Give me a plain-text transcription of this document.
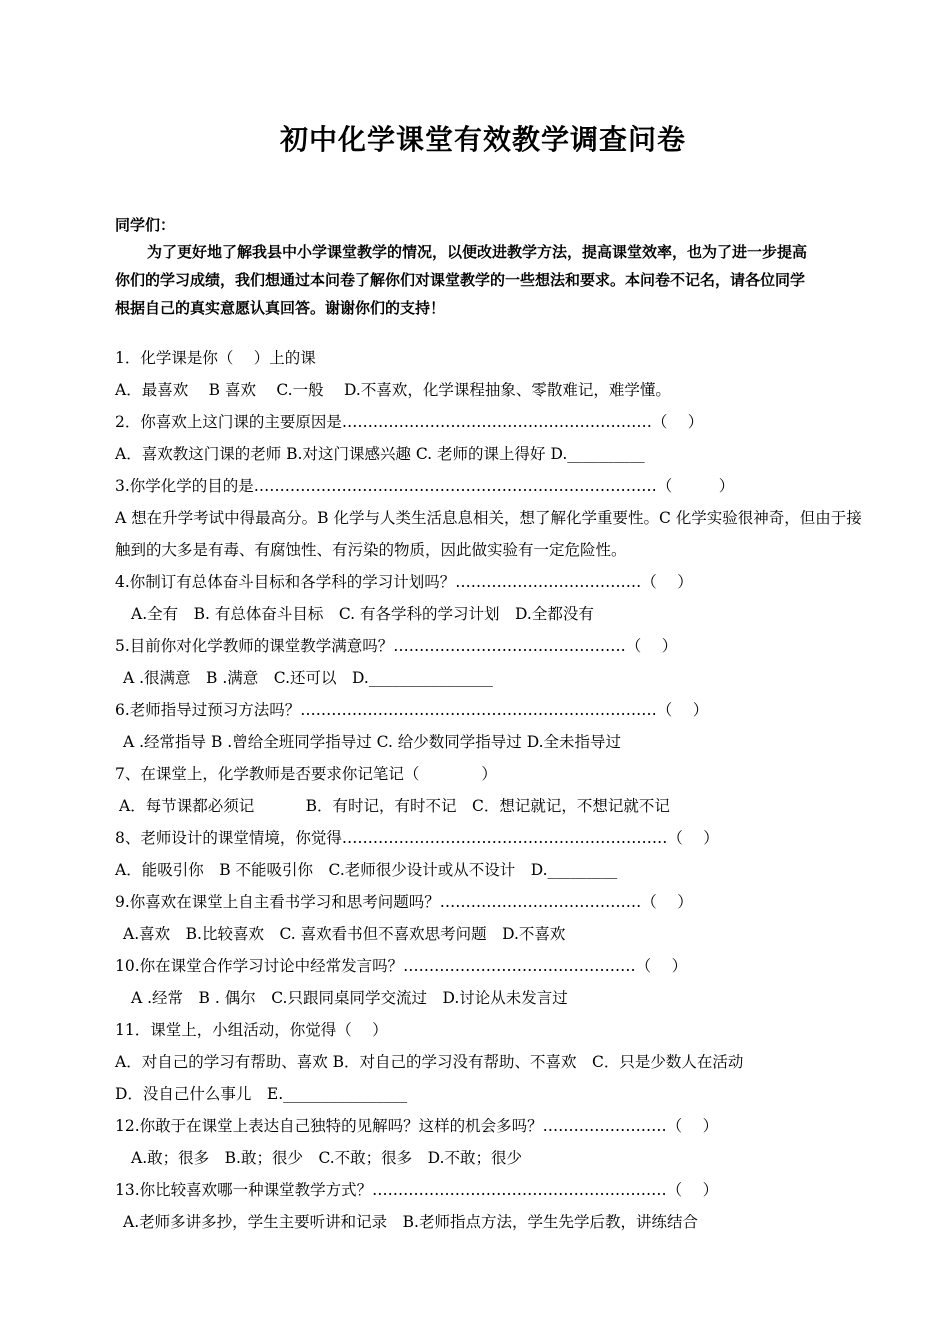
初中化学课堂有效教学调查问卷
同学们：

为了更好地了解我县中小学课堂教学的情况，以便改进教学方法，提高课堂效率，也为了进一步提高你们的学习成绩，我们想通过本问卷了解你们对课堂教学的一些想法和要求。本问卷不记名，请各位同学根据自己的真实意愿认真回答。谢谢你们的支持！

1．化学课是你（　 ）上的课
A．最喜欢　 B 喜欢　 C.一般　 D.不喜欢，化学课程抽象、零散难记，难学懂。
2．你喜欢上这门课的主要原因是……………………………………………………（　 ）
A．喜欢教这门课的老师 B.对这门课感兴趣 C. 老师的课上得好 D.__________
3.你学化学的目的是……………………………………………………………………（　　　）
A 想在升学考试中得最高分。B 化学与人类生活息息相关，想了解化学重要性。C 化学实验很神奇，但由于接触到的大多是有毒、有腐蚀性、有污染的物质，因此做实验有一定危险性。
4.你制订有总体奋斗目标和各学科的学习计划吗？………………………………（　 ）
A.全有　B. 有总体奋斗目标　C. 有各学科的学习计划　D.全都没有
5.目前你对化学教师的课堂教学满意吗？………………………………………（　 ）
A .很满意　B .满意　C.还可以　D.________________
6.老师指导过预习方法吗？……………………………………………………………（　 ）
A .经常指导 B .曾给全班同学指导过 C. 给少数同学指导过 D.全未指导过
7、在课堂上，化学教师是否要求你记笔记（　　　　）
A．每节课都必须记　　　 B．有时记，有时不记　C．想记就记，不想记就不记
8、老师设计的课堂情境，你觉得………………………………………………………（　 ）
A．能吸引你　B 不能吸引你　C.老师很少设计或从不设计　D._________
9.你喜欢在课堂上自主看书学习和思考问题吗？…………………………………（　 ）
A.喜欢　B.比较喜欢　C. 喜欢看书但不喜欢思考问题　D.不喜欢
10.你在课堂合作学习讨论中经常发言吗？………………………………………（　 ）
A .经常　B . 偶尔　C.只跟同桌同学交流过　D.讨论从未发言过
11．课堂上，小组活动，你觉得（　 ）
A．对自己的学习有帮助、喜欢 B．对自己的学习没有帮助、不喜欢　C．只是少数人在活动
D．没自己什么事儿　E.________________
12.你敢于在课堂上表达自己独特的见解吗？这样的机会多吗？……………………（　 ）
A.敢；很多　B.敢；很少　C.不敢；很多　D.不敢；很少
13.你比较喜欢哪一种课堂教学方式？…………………………………………………（　 ）
A.老师多讲多抄，学生主要听讲和记录　B.老师指点方法，学生先学后教，讲练结合
